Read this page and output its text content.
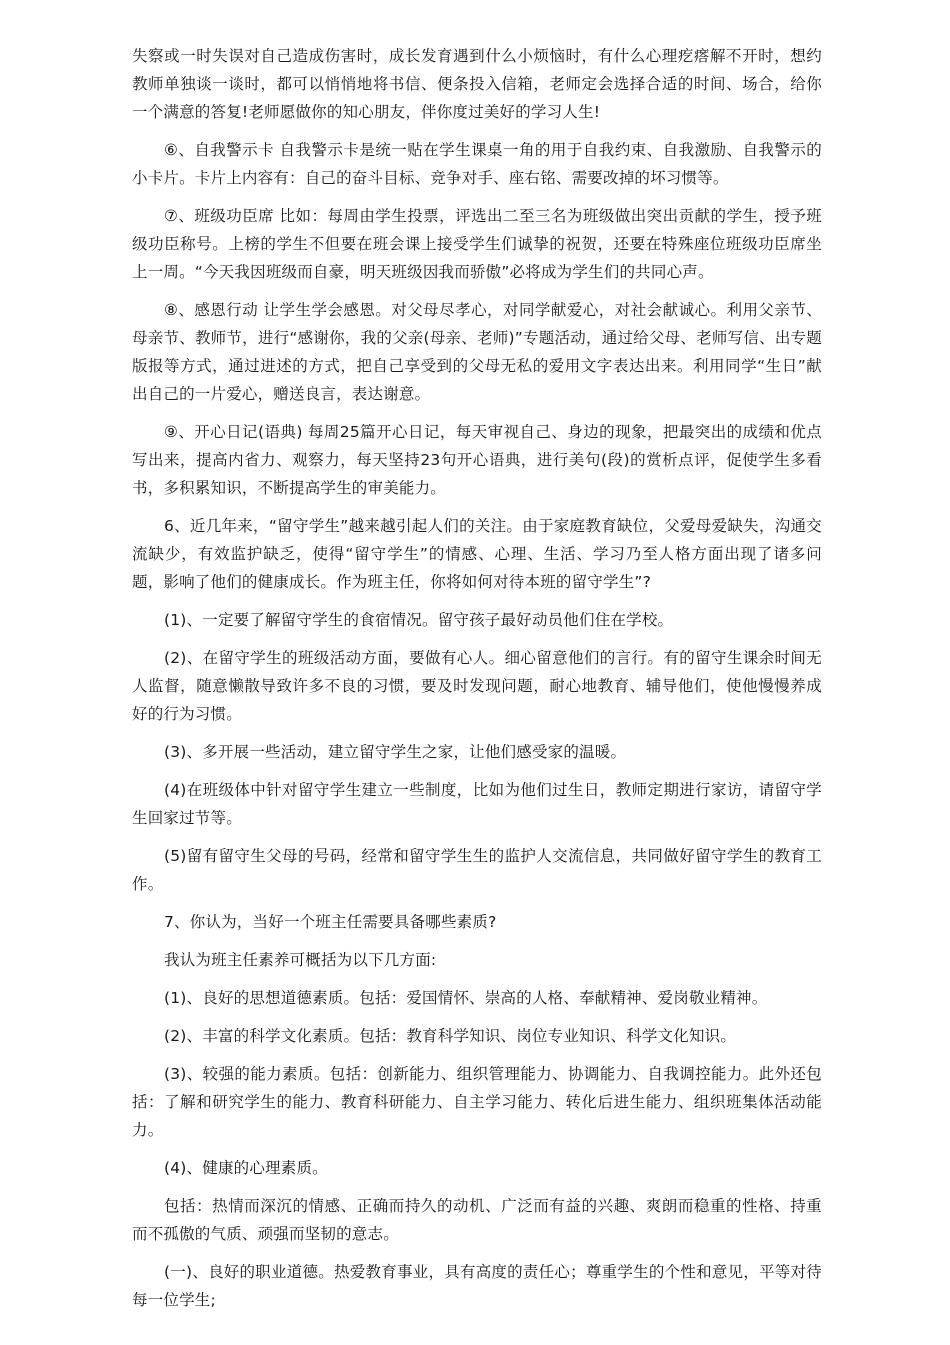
失察或一时失误对自己造成伤害时，成长发育遇到什么小烦恼时，有什么心理疙瘩解不开时，想约教师单独谈一谈时，都可以悄悄地将书信、便条投入信箱，老师定会选择合适的时间、场合，给你一个满意的答复!老师愿做你的知心朋友，伴你度过美好的学习人生!

⑥、自我警示卡 自我警示卡是统一贴在学生课桌一角的用于自我约束、自我激励、自我警示的小卡片。卡片上内容有：自己的奋斗目标、竞争对手、座右铭、需要改掉的坏习惯等。

⑦、班级功臣席 比如：每周由学生投票，评选出二至三名为班级做出突出贡献的学生，授予班级功臣称号。上榜的学生不但要在班会课上接受学生们诚挚的祝贺，还要在特殊座位班级功臣席坐上一周。“今天我因班级而自豪，明天班级因我而骄傲”必将成为学生们的共同心声。

⑧、感恩行动 让学生学会感恩。对父母尽孝心，对同学献爱心，对社会献诚心。利用父亲节、母亲节、教师节，进行“感谢你，我的父亲(母亲、老师)”专题活动，通过给父母、老师写信、出专题版报等方式，通过进述的方式，把自己享受到的父母无私的爱用文字表达出来。利用同学“生日”献出自己的一片爱心，赠送良言，表达谢意。

⑨、开心日记(语典) 每周25篇开心日记，每天审视自己、身边的现象，把最突出的成绩和优点写出来，提高内省力、观察力，每天坚持23句开心语典，进行美句(段)的赏析点评，促使学生多看书，多积累知识，不断提高学生的审美能力。

6、近几年来，“留守学生”越来越引起人们的关注。由于家庭教育缺位，父爱母爱缺失，沟通交流缺少，有效监护缺乏，使得“留守学生”的情感、心理、生活、学习乃至人格方面出现了诸多问题，影响了他们的健康成长。作为班主任，你将如何对待本班的留守学生”?

(1)、一定要了解留守学生的食宿情况。留守孩子最好动员他们住在学校。

(2)、在留守学生的班级活动方面，要做有心人。细心留意他们的言行。有的留守生课余时间无人监督，随意懒散导致许多不良的习惯，要及时发现问题，耐心地教育、辅导他们，使他慢慢养成好的行为习惯。

(3)、多开展一些活动，建立留守学生之家，让他们感受家的温暖。

(4)在班级体中针对留守学生建立一些制度，比如为他们过生日，教师定期进行家访，请留守学生回家过节等。

(5)留有留守生父母的号码，经常和留守学生生的监护人交流信息，共同做好留守学生的教育工作。

7、你认为，当好一个班主任需要具备哪些素质?

我认为班主任素养可概括为以下几方面:

(1)、良好的思想道德素质。包括：爱国情怀、崇高的人格、奉献精神、爱岗敬业精神。

(2)、丰富的科学文化素质。包括：教育科学知识、岗位专业知识、科学文化知识。

(3)、较强的能力素质。包括：创新能力、组织管理能力、协调能力、自我调控能力。此外还包括：了解和研究学生的能力、教育科研能力、自主学习能力、转化后进生能力、组织班集体活动能力。

(4)、健康的心理素质。

包括：热情而深沉的情感、正确而持久的动机、广泛而有益的兴趣、爽朗而稳重的性格、持重而不孤傲的气质、顽强而坚韧的意志。

(一)、良好的职业道德。热爱教育事业，具有高度的责任心；尊重学生的个性和意见，平等对待每一位学生;
